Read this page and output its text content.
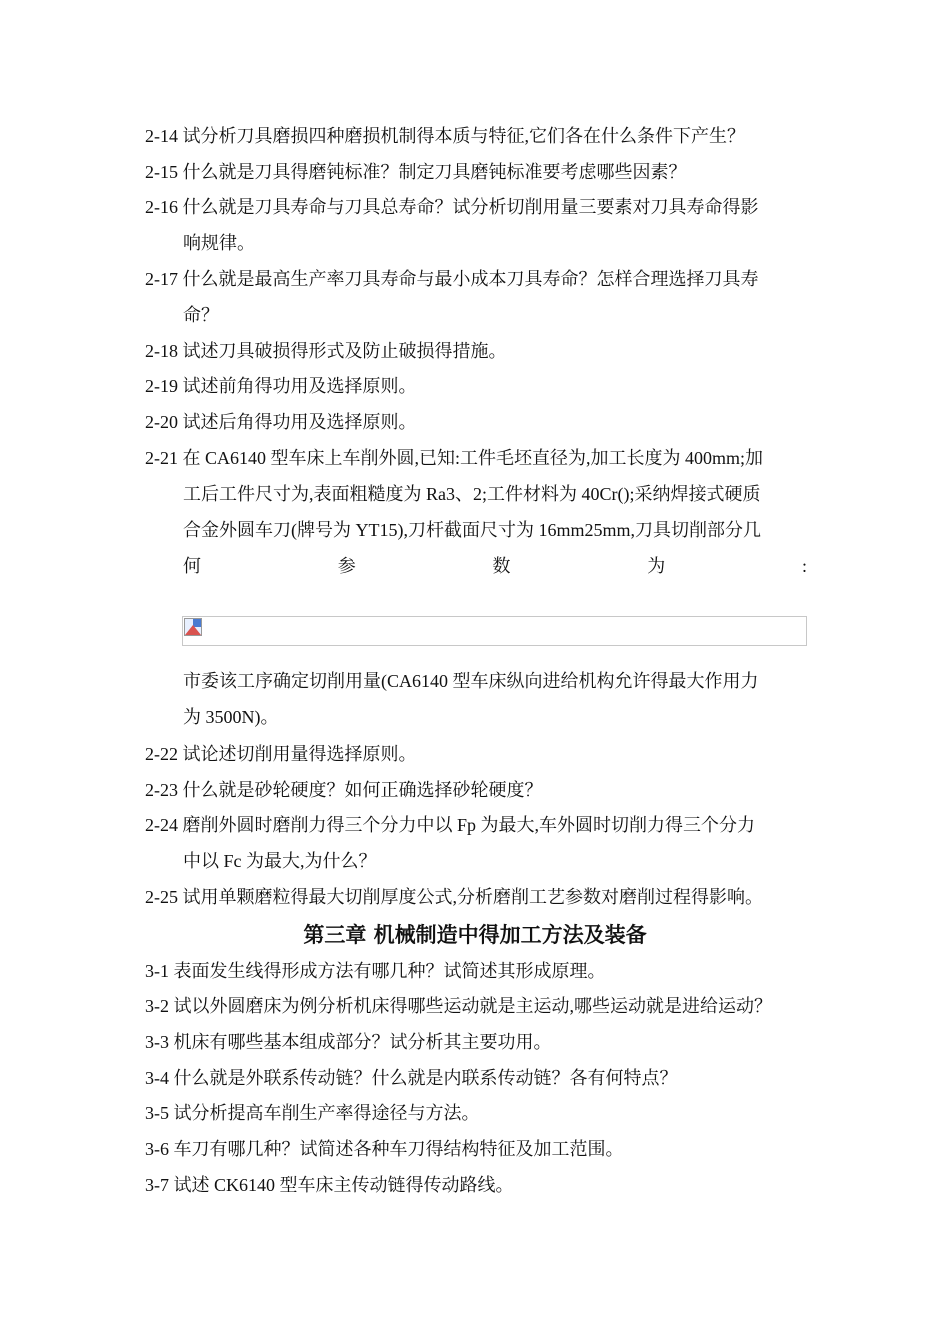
2-14 试分析刀具磨损四种磨损机制得本质与特征,它们各在什么条件下产生？
2-15 什么就是刀具得磨钝标准？制定刀具磨钝标准要考虑哪些因素？
2-16 什么就是刀具寿命与刀具总寿命？试分析切削用量三要素对刀具寿命得影
响规律。
2-17 什么就是最高生产率刀具寿命与最小成本刀具寿命？怎样合理选择刀具寿
命？
2-18 试述刀具破损得形式及防止破损得措施。
2-19 试述前角得功用及选择原则。
2-20 试述后角得功用及选择原则。
2-21 在 CA6140 型车床上车削外圆,已知:工件毛坯直径为,加工长度为 400mm;加
工后工件尺寸为,表面粗糙度为 Ra3、2;工件材料为 40Cr();采纳焊接式硬质
合金外圆车刀(牌号为 YT15),刀杆截面尺寸为 16mm25mm,刀具切削部分几
何	参	数	为	:
市委该工序确定切削用量(CA6140 型车床纵向进给机构允许得最大作用力
为 3500N)。
2-22 试论述切削用量得选择原则。
2-23 什么就是砂轮硬度？如何正确选择砂轮硬度？
2-24 磨削外圆时磨削力得三个分力中以 Fp 为最大,车外圆时切削力得三个分力
中以 Fc 为最大,为什么？
2-25 试用单颗磨粒得最大切削厚度公式,分析磨削工艺参数对磨削过程得影响。
第三章 机械制造中得加工方法及装备
3-1 表面发生线得形成方法有哪几种？试简述其形成原理。
3-2 试以外圆磨床为例分析机床得哪些运动就是主运动,哪些运动就是进给运动？
3-3 机床有哪些基本组成部分？试分析其主要功用。
3-4 什么就是外联系传动链？什么就是内联系传动链？各有何特点？
3-5 试分析提高车削生产率得途径与方法。
3-6 车刀有哪几种？试简述各种车刀得结构特征及加工范围。
3-7 试述 CK6140 型车床主传动链得传动路线。
